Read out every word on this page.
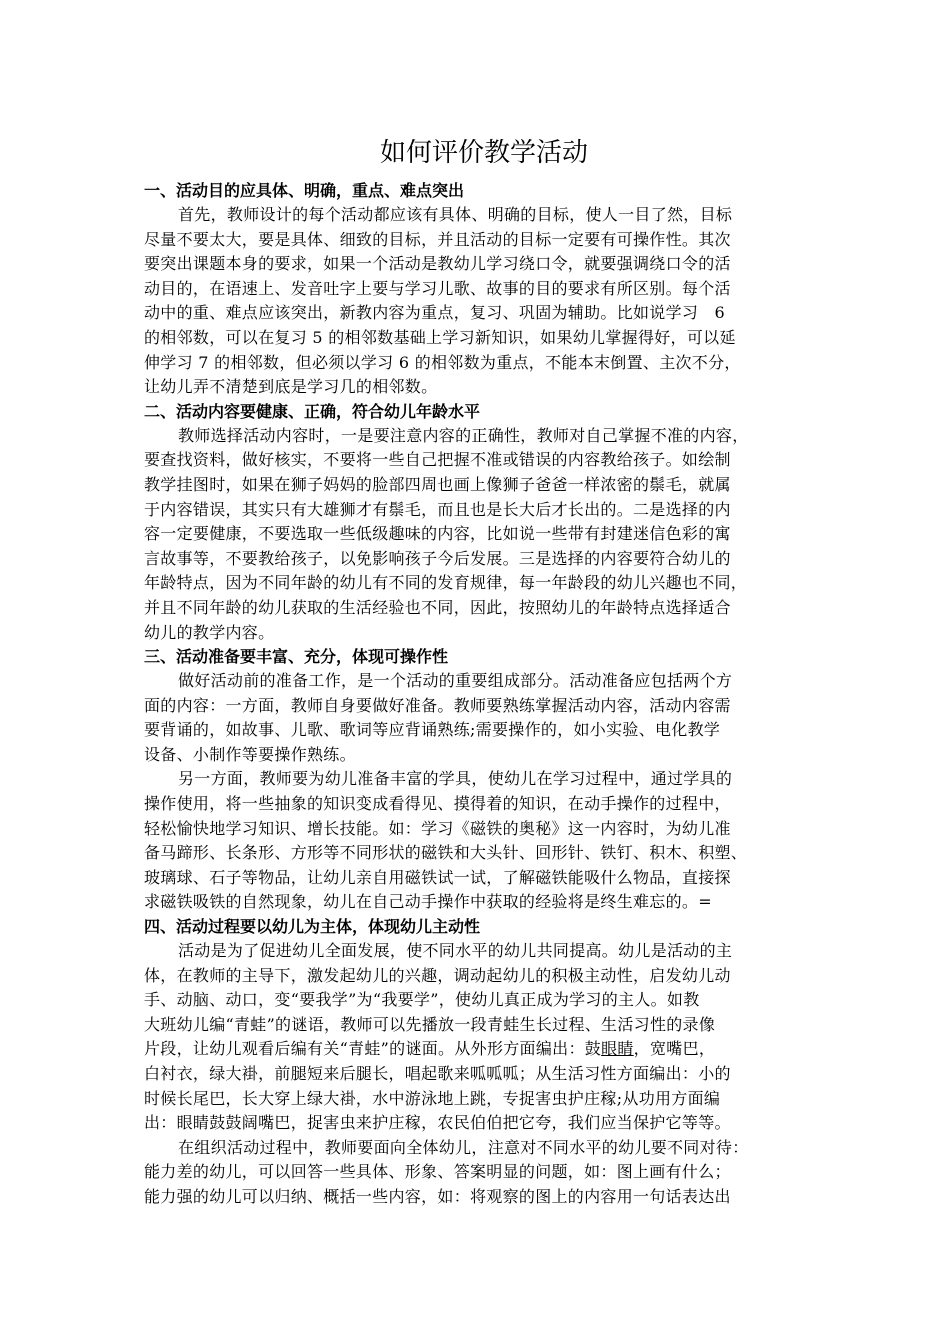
如何评价教学活动
一、活动目的应具体、明确，重点、难点突出
首先，教师设计的每个活动都应该有具体、明确的目标，使人一目了然，目标
尽量不要太大，要是具体、细致的目标，并且活动的目标一定要有可操作性。其次
要突出课题本身的要求，如果一个活动是教幼儿学习绕口令，就要强调绕口令的活
动目的，在语速上、发音吐字上要与学习儿歌、故事的目的要求有所区别。每个活
动中的重、难点应该突出，新教内容为重点，复习、巩固为辅助。比如说学习　6
的相邻数，可以在复习 5 的相邻数基础上学习新知识，如果幼儿掌握得好，可以延
伸学习 7 的相邻数，但必须以学习 6 的相邻数为重点，不能本末倒置、主次不分，
让幼儿弄不清楚到底是学习几的相邻数。
二、活动内容要健康、正确，符合幼儿年龄水平
教师选择活动内容时，一是要注意内容的正确性，教师对自己掌握不准的内容，
要查找资料，做好核实，不要将一些自己把握不准或错误的内容教给孩子。如绘制
教学挂图时，如果在狮子妈妈的脸部四周也画上像狮子爸爸一样浓密的鬃毛，就属
于内容错误，其实只有大雄狮才有鬃毛，而且也是长大后才长出的。二是选择的内
容一定要健康，不要选取一些低级趣味的内容，比如说一些带有封建迷信色彩的寓
言故事等，不要教给孩子，以免影响孩子今后发展。三是选择的内容要符合幼儿的
年龄特点，因为不同年龄的幼儿有不同的发育规律，每一年龄段的幼儿兴趣也不同，
并且不同年龄的幼儿获取的生活经验也不同，因此，按照幼儿的年龄特点选择适合
幼儿的教学内容。
三、活动准备要丰富、充分，体现可操作性
做好活动前的准备工作，是一个活动的重要组成部分。活动准备应包括两个方
面的内容：一方面，教师自身要做好准备。教师要熟练掌握活动内容，活动内容需
要背诵的，如故事、儿歌、歌词等应背诵熟练;需要操作的，如小实验、电化教学
设备、小制作等要操作熟练。
另一方面，教师要为幼儿准备丰富的学具，使幼儿在学习过程中，通过学具的
操作使用，将一些抽象的知识变成看得见、摸得着的知识，在动手操作的过程中，
轻松愉快地学习知识、增长技能。如：学习《磁铁的奥秘》这一内容时，为幼儿准
备马蹄形、长条形、方形等不同形状的磁铁和大头针、回形针、铁钉、积木、积塑、
玻璃球、石子等物品，让幼儿亲自用磁铁试一试，了解磁铁能吸什么物品，直接探
求磁铁吸铁的自然现象，幼儿在自己动手操作中获取的经验将是终生难忘的。=
四、活动过程要以幼儿为主体，体现幼儿主动性
活动是为了促进幼儿全面发展，使不同水平的幼儿共同提高。幼儿是活动的主
体，在教师的主导下，激发起幼儿的兴趣，调动起幼儿的积极主动性，启发幼儿动
手、动脑、动口，变“要我学”为“我要学”，使幼儿真正成为学习的主人。如教
大班幼儿编“青蛙”的谜语，教师可以先播放一段青蛙生长过程、生活习性的录像
片段，让幼儿观看后编有关“青蛙”的谜面。从外形方面编出：鼓眼睛，宽嘴巴，
白衬衣，绿大褂，前腿短来后腿长，唱起歌来呱呱呱；从生活习性方面编出：小的
时候长尾巴，长大穿上绿大褂，水中游泳地上跳，专捉害虫护庄稼;从功用方面编
出：眼睛鼓鼓阔嘴巴，捉害虫来护庄稼，农民伯伯把它夸，我们应当保护它等等。
在组织活动过程中，教师要面向全体幼儿，注意对不同水平的幼儿要不同对待：
能力差的幼儿，可以回答一些具体、形象、答案明显的问题，如：图上画有什么；
能力强的幼儿可以归纳、概括一些内容，如：将观察的图上的内容用一句话表达出
